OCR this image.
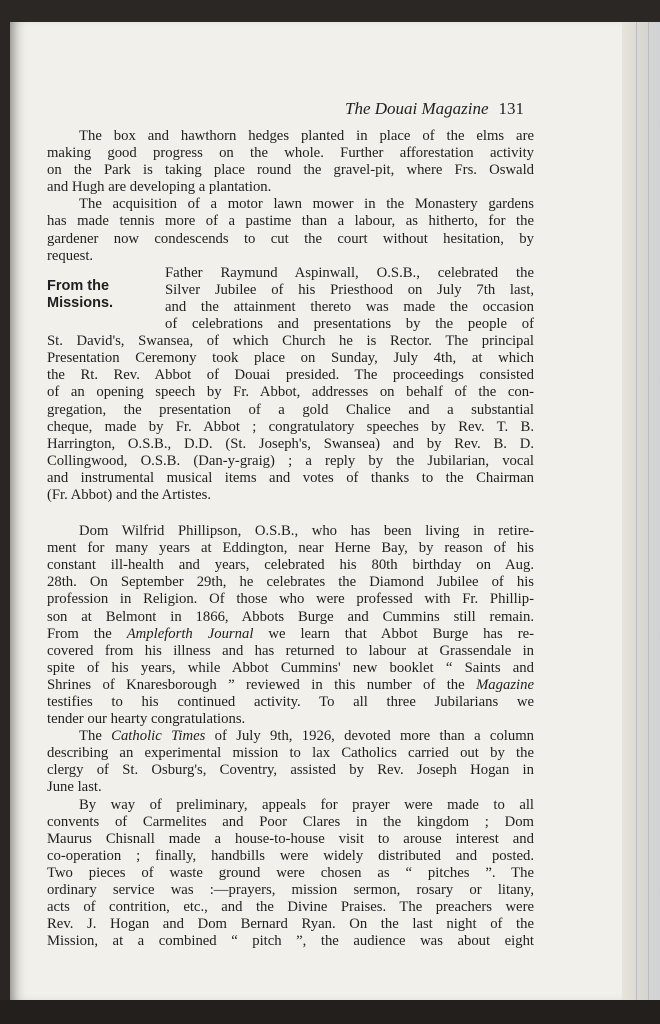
The Douai Magazine 131
From the
Missions.
The box and hawthorn hedges planted in place of the elms are
making good progress on the whole. Further afforestation activity
on the Park is taking place round the gravel-pit, where Frs. Oswald
and Hugh are developing a plantation.
The acquisition of a motor lawn mower in the Monastery gardens
has made tennis more of a pastime than a labour, as hitherto, for the
gardener now condescends to cut the court without hesitation, by
request.
Father Raymund Aspinwall, O.S.B., celebrated the
Silver Jubilee of his Priesthood on July 7th last,
and the attainment thereto was made the occasion
of celebrations and presentations by the people of
St. David's, Swansea, of which Church he is Rector. The principal
Presentation Ceremony took place on Sunday, July 4th, at which
the Rt. Rev. Abbot of Douai presided. The proceedings consisted
of an opening speech by Fr. Abbot, addresses on behalf of the con-
gregation, the presentation of a gold Chalice and a substantial
cheque, made by Fr. Abbot ; congratulatory speeches by Rev. T. B.
Harrington, O.S.B., D.D. (St. Joseph's, Swansea) and by Rev. B. D.
Collingwood, O.S.B. (Dan-y-graig) ; a reply by the Jubilarian, vocal
and instrumental musical items and votes of thanks to the Chairman
(Fr. Abbot) and the Artistes.
Dom Wilfrid Phillipson, O.S.B., who has been living in retire-
ment for many years at Eddington, near Herne Bay, by reason of his
constant ill-health and years, celebrated his 80th birthday on Aug.
28th. On September 29th, he celebrates the Diamond Jubilee of his
profession in Religion. Of those who were professed with Fr. Phillip-
son at Belmont in 1866, Abbots Burge and Cummins still remain.
From the Ampleforth Journal we learn that Abbot Burge has re-
covered from his illness and has returned to labour at Grassendale in
spite of his years, while Abbot Cummins' new booklet “ Saints and
Shrines of Knaresborough ” reviewed in this number of the Magazine
testifies to his continued activity. To all three Jubilarians we
tender our hearty congratulations.
The Catholic Times of July 9th, 1926, devoted more than a column
describing an experimental mission to lax Catholics carried out by the
clergy of St. Osburg's, Coventry, assisted by Rev. Joseph Hogan in
June last.
By way of preliminary, appeals for prayer were made to all
convents of Carmelites and Poor Clares in the kingdom ; Dom
Maurus Chisnall made a house-to-house visit to arouse interest and
co-operation ; finally, handbills were widely distributed and posted.
Two pieces of waste ground were chosen as “ pitches ”. The
ordinary service was :—prayers, mission sermon, rosary or litany,
acts of contrition, etc., and the Divine Praises. The preachers were
Rev. J. Hogan and Dom Bernard Ryan. On the last night of the
Mission, at a combined “ pitch ”, the audience was about eight
